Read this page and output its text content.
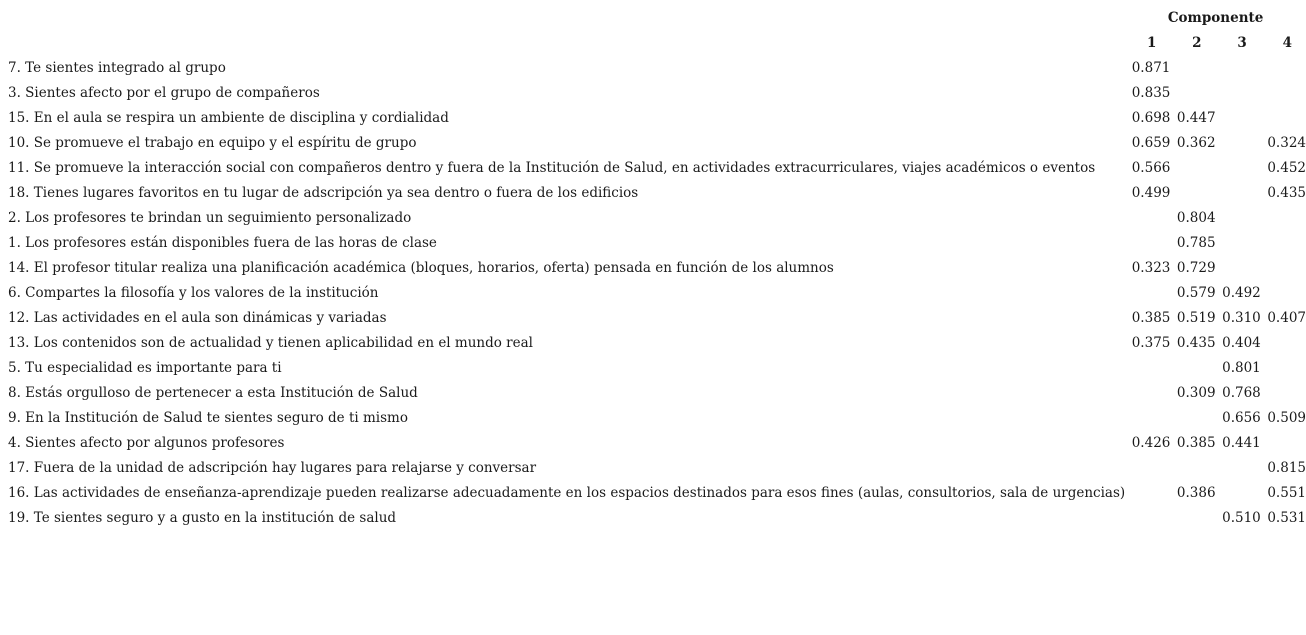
	Componente			
	1	2	3	4
7. Te sientes integrado al grupo	0.871			
3. Sientes afecto por el grupo de compañeros	0.835			
15. En el aula se respira un ambiente de disciplina y cordialidad	0.698	0.447		
10. Se promueve el trabajo en equipo y el espíritu de grupo	0.659	0.362		0.324
11. Se promueve la interacción social con compañeros dentro y fuera de la Institución de Salud, en actividades extracurriculares, viajes académicos o eventos	0.566			0.452
18. Tienes lugares favoritos en tu lugar de adscripción ya sea dentro o fuera de los edificios	0.499			0.435
2. Los profesores te brindan un seguimiento personalizado		0.804		
1. Los profesores están disponibles fuera de las horas de clase		0.785		
14. El profesor titular realiza una planificación académica (bloques, horarios, oferta) pensada en función de los alumnos	0.323	0.729		
6. Compartes la filosofía y los valores de la institución		0.579	0.492	
12. Las actividades en el aula son dinámicas y variadas	0.385	0.519	0.310	0.407
13. Los contenidos son de actualidad y tienen aplicabilidad en el mundo real	0.375	0.435	0.404	
5. Tu especialidad es importante para ti			0.801	
8. Estás orgulloso de pertenecer a esta Institución de Salud		0.309	0.768	
9. En la Institución de Salud te sientes seguro de ti mismo			0.656	0.509
4. Sientes afecto por algunos profesores	0.426	0.385	0.441	
17. Fuera de la unidad de adscripción hay lugares para relajarse y conversar				0.815
16. Las actividades de enseñanza-aprendizaje pueden realizarse adecuadamente en los espacios destinados para esos fines (aulas, consultorios, sala de urgencias)		0.386		0.551
19. Te sientes seguro y a gusto en la institución de salud			0.510	0.531
